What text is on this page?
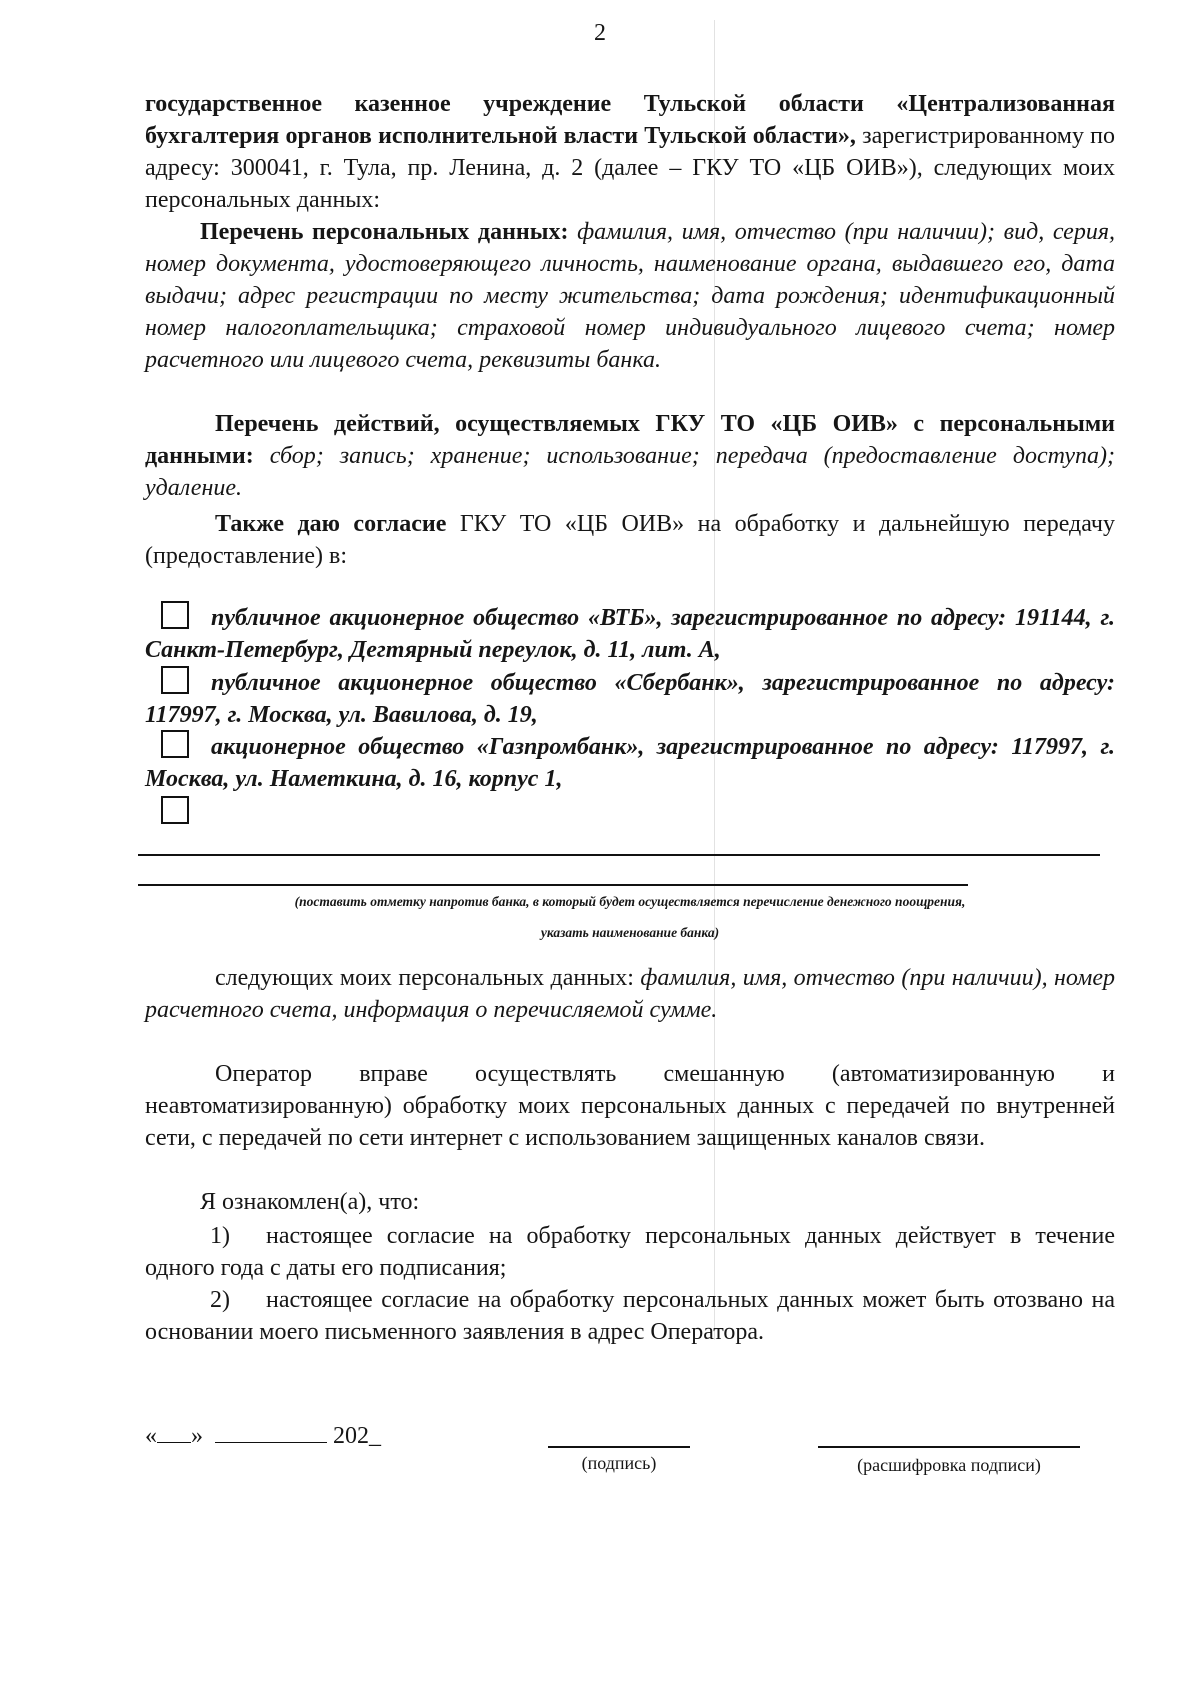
2
государственное казенное учреждение Тульской области «Централизованная бухгалтерия органов исполнительной власти Тульской области», зарегистрированному по адресу: 300041, г. Тула, пр. Ленина, д. 2 (далее – ГКУ ТО «ЦБ ОИВ»), следующих моих персональных данных:
Перечень персональных данных: фамилия, имя, отчество (при наличии); вид, серия, номер документа, удостоверяющего личность, наименование органа, выдавшего его, дата выдачи; адрес регистрации по месту жительства; дата рождения; идентификационный номер налогоплательщика; страховой номер индивидуального лицевого счета; номер расчетного или лицевого счета, реквизиты банка.
Перечень действий, осуществляемых ГКУ ТО «ЦБ ОИВ» с персональными данными: сбор; запись; хранение; использование; передача (предоставление доступа); удаление.
Также даю согласие ГКУ ТО «ЦБ ОИВ» на обработку и дальнейшую передачу (предоставление) в:
публичное акционерное общество «ВТБ», зарегистрированное по адресу: 191144, г. Санкт-Петербург, Дегтярный переулок, д. 11, лит. А,
публичное акционерное общество «Сбербанк», зарегистрированное по адресу: 117997, г. Москва, ул. Вавилова, д. 19,
акционерное общество «Газпромбанк», зарегистрированное по адресу: 117997, г. Москва, ул. Наметкина, д. 16, корпус 1,
(поставить отметку напротив банка, в который будет осуществляется перечисление денежного поощрения,
указать наименование банка)
следующих моих персональных данных: фамилия, имя, отчество (при наличии), номер расчетного счета, информация о перечисляемой сумме.
Оператор вправе осуществлять смешанную (автоматизированную и неавтоматизированную) обработку моих персональных данных с передачей по внутренней сети, с передачей по сети интернет с использованием защищенных каналов связи.
Я ознакомлен(а), что:
1) настоящее согласие на обработку персональных данных действует в течение одного года с даты его подписания;
2) настоящее согласие на обработку персональных данных может быть отозвано на основании моего письменного заявления в адрес Оператора.
« »	202_
(подпись)	(расшифровка подписи)
